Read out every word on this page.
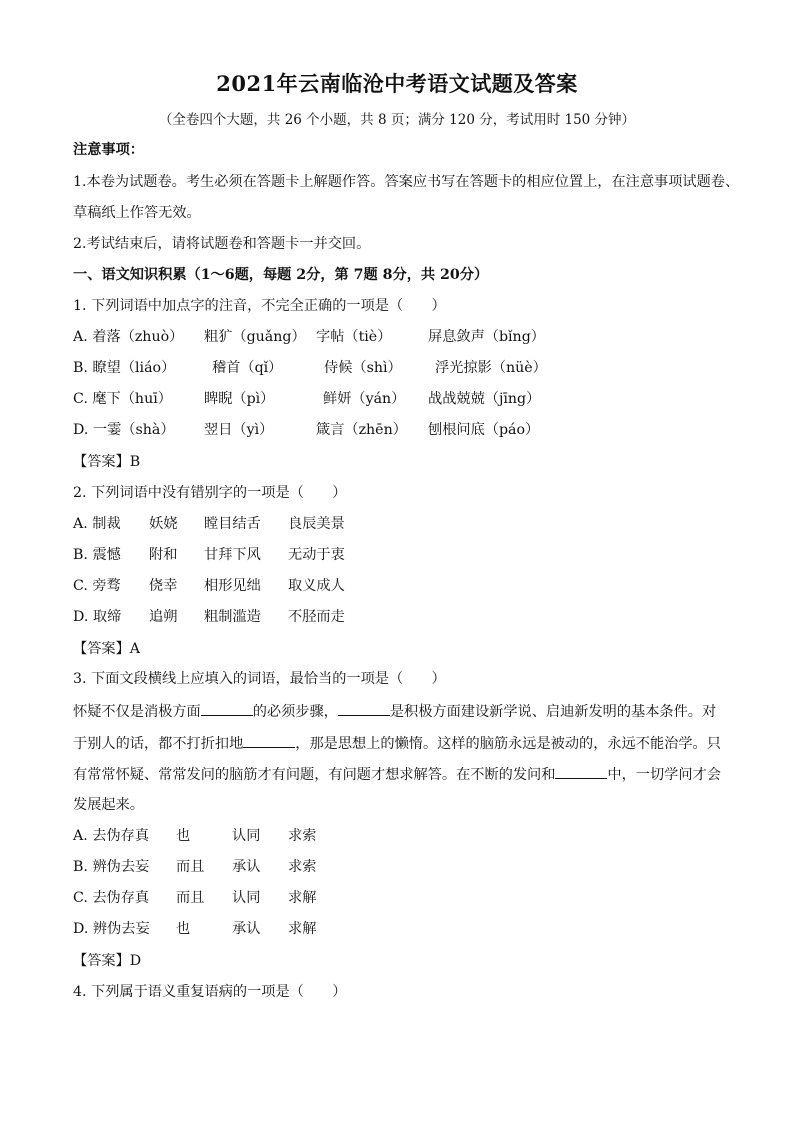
2021年云南临沧中考语文试题及答案
（全卷四个大题，共 26 个小题，共 8 页；满分 120 分，考试用时 150 分钟）
注意事项：
1.本卷为试题卷。考生必须在答题卡上解题作答。答案应书写在答题卡的相应位置上，在注意事项试题卷、
草稿纸上作答无效。
2.考试结束后，请将试题卷和答题卡一并交回。
一、语文知识积累（1～6题，每题 2分，第 7题 8分，共 20分）
1. 下列词语中加点字的注音，不完全正确的一项是（　　）
A. 着落（zhuò） 粗犷（guǎng） 字帖（tiè）	屏息敛声（bǐng）
B. 瞭望（liáo）	稽首（qǐ）	侍候（shì） 浮光掠影（nüè）
C. 麾下（huī） 睥睨（pì）	鲜妍（yán） 战战兢兢（jīng）
D. 一霎（shà） 翌日（yì）	箴言（zhēn） 刨根问底（páo）
【答案】B
2. 下列词语中没有错别字的一项是（　　）
A. 制裁 妖娆 瞠目结舌 良辰美景
B. 震憾 附和 甘拜下风 无动于衷
C. 旁骛 侥幸 相形见绌 取义成人
D. 取缔 追朔 粗制滥造 不胫而走
【答案】A
3. 下面文段横线上应填入的词语，最恰当的一项是（　　）
怀疑不仅是消极方面	的必须步骤，	是积极方面建设新学说、启迪新发明的基本条件。对
于别人的话，都不打折扣地	，那是思想上的懒惰。这样的脑筋永远是被动的，永远不能治学。只
有常常怀疑、常常发问的脑筋才有问题，有问题才想求解答。在不断的发问和	中，一切学问才会
发展起来。
A. 去伪存真 也	认同 求索
B. 辨伪去妄 而且 承认 求索
C. 去伪存真 而且 认同 求解
D. 辨伪去妄 也	承认 求解
【答案】D
4. 下列属于语义重复语病的一项是（　　）
